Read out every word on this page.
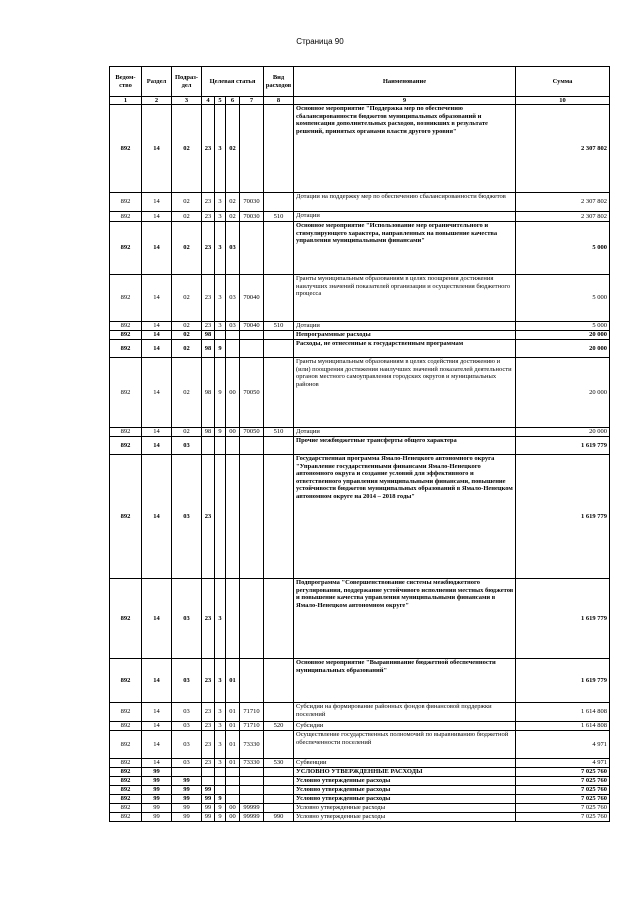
Страница 90
Ведом-ство	Раздел	Подраз-дел	Целевая статья				Вид расходов	Наименование	Сумма
1	2	3	4	5	6	7	8	9	10
892	14	02	23	3	02			Основное мероприятие "Поддержка мер по обеспечению сбалансированности бюджетов муниципальных образований и компенсация дополнительных расходов, возникших в результате решений, принятых органами власти другого уровня"	2 307 802
892	14	02	23	3	02	70030		Дотации на поддержку мер по обеспечению сбалансированности бюджетов	2 307 802
892	14	02	23	3	02	70030	510	Дотации	2 307 802
892	14	02	23	3	03			Основное мероприятие "Использование мер ограничительного и стимулирующего характера, направленных на повышение качества управления муниципальными финансами"	5 000
892	14	02	23	3	03	70040		Гранты муниципальным образованиям в целях поощрения достижения наилучших значений показателей организации и осуществления бюджетного процесса	5 000
892	14	02	23	3	03	70040	510	Дотации	5 000
892	14	02	98					Непрограммные расходы	20 000
892	14	02	98	9				Расходы, не отнесенные к государственным программам	20 000
892	14	02	98	9	00	70050		Гранты муниципальным образованиям в целях содействия достижению и (или) поощрения достижения наилучших значений показателей деятельности органов местного самоуправления городских округов и муниципальных районов	20 000
892	14	02	98	9	00	70050	510	Дотации	20 000
892	14	03						Прочие межбюджетные трансферты общего характера	1 619 779
892	14	03	23					Государственная программа Ямало-Ненецкого автономного округа "Управление государственными финансами Ямало-Ненецкого автономного округа и создание условий для эффективного и ответственного управления муниципальными финансами, повышение устойчивости бюджетов муниципальных образований в Ямало-Ненецком автономном округе на 2014 – 2018 годы"	1 619 779
892	14	03	23	3				Подпрограмма "Совершенствование системы межбюджетного регулирования, поддержание устойчивого исполнения местных бюджетов и повышение качества управления муниципальными финансами в Ямало-Ненецком автономном округе"	1 619 779
892	14	03	23	3	01			Основное мероприятие "Выравнивание бюджетной обеспеченности муниципальных образований"	1 619 779
892	14	03	23	3	01	71710		Субсидии на формирование районных фондов финансовой поддержки поселений	1 614 808
892	14	03	23	3	01	71710	520	Субсидии	1 614 808
892	14	03	23	3	01	73330		Осуществление государственных полномочий по выравниванию бюджетной обеспеченности поселений	4 971
892	14	03	23	3	01	73330	530	Субвенции	4 971
892	99							УСЛОВНО УТВЕРЖДЕННЫЕ РАСХОДЫ	7 025 760
892	99	99						Условно утвержденные расходы	7 025 760
892	99	99	99					Условно утвержденные расходы	7 025 760
892	99	99	99	9				Условно утвержденные расходы	7 025 760
892	99	99	99	9	00	99999		Условно утвержденные расходы	7 025 760
892	99	99	99	9	00	99999	990	Условно утвержденные расходы	7 025 760
